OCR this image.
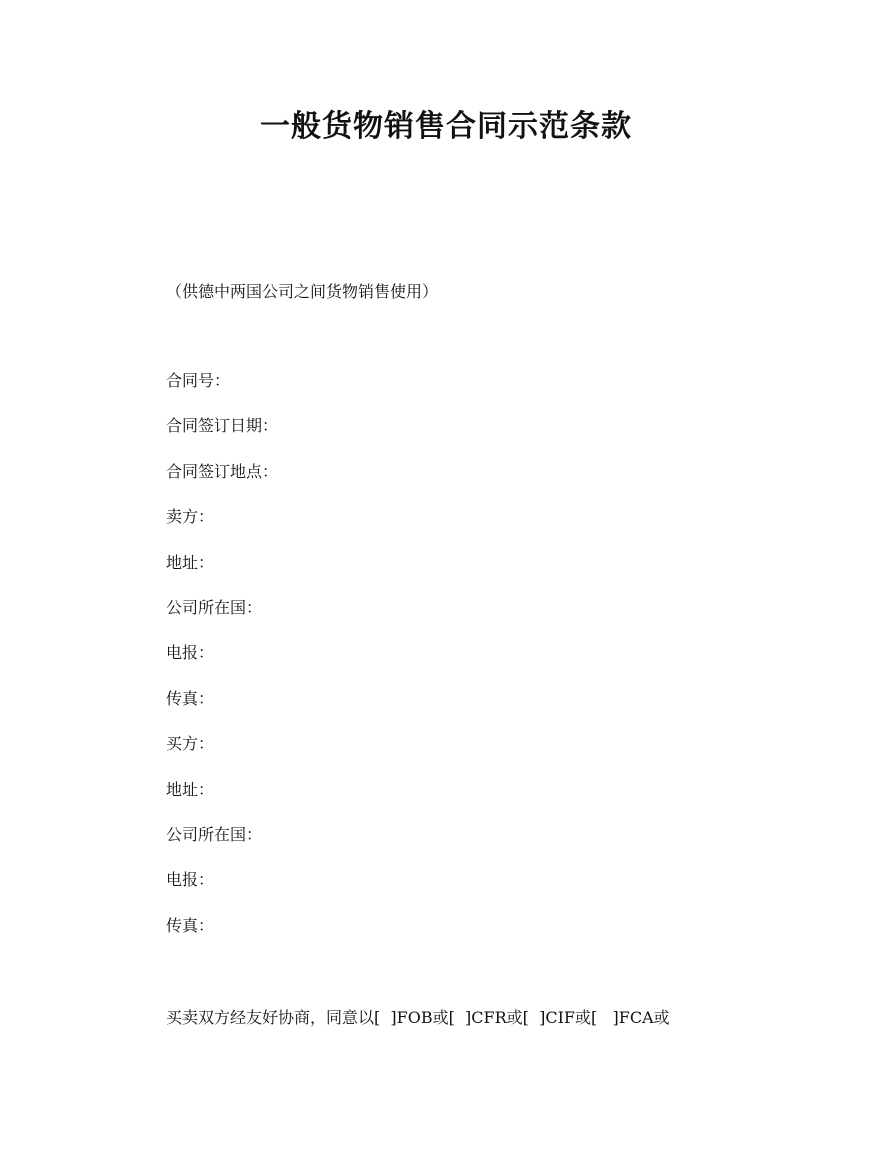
一般货物销售合同示范条款

（供德中两国公司之间货物销售使用）

合同号：
合同签订日期：
合同签订地点：
卖方：
地址：
公司所在国：
电报：
传真：
买方：
地址：
公司所在国：
电报：
传真：

买卖双方经友好协商，同意以[  ]FOB或[  ]CFR或[  ]CIF或[   ]FCA或
